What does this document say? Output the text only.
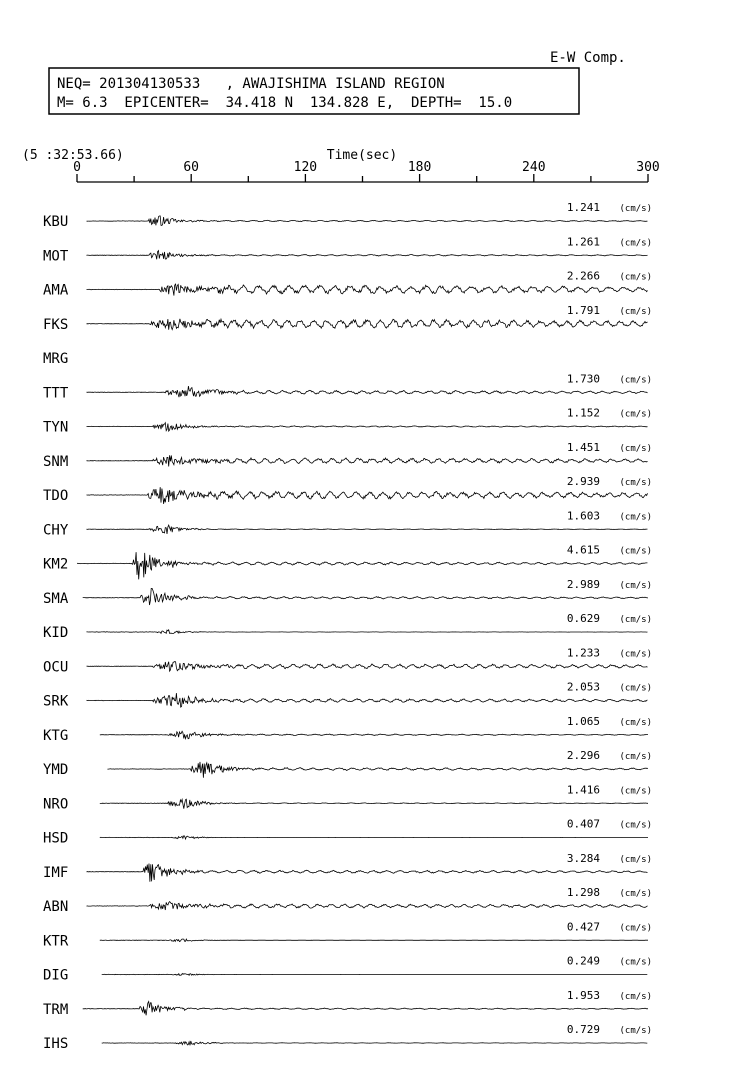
E-W Comp.
NEQ= 201304130533   , AWAJISHIMA ISLAND REGION
M= 6.3  EPICENTER=  34.418 N  134.828 E,  DEPTH=  15.0
(5 :32:53.66)	Time(sec)
0	60	120	180	240	300
KBU
1.241 (cm/s)
MOT
1.261 (cm/s)
AMA
2.266 (cm/s)
FKS
1.791 (cm/s)
MRG
TTT
1.730 (cm/s)
TYN
1.152 (cm/s)
SNM
1.451 (cm/s)
TDO
2.939 (cm/s)
CHY
1.603 (cm/s)
KM2
4.615 (cm/s)
SMA
2.989 (cm/s)
KID
0.629 (cm/s)
OCU
1.233 (cm/s)
SRK
2.053 (cm/s)
KTG
1.065 (cm/s)
YMD
2.296 (cm/s)
NRO
1.416 (cm/s)
HSD
0.407 (cm/s)
IMF
3.284 (cm/s)
ABN
1.298 (cm/s)
KTR
0.427 (cm/s)
DIG
0.249 (cm/s)
TRM
1.953 (cm/s)
IHS
0.729 (cm/s)
